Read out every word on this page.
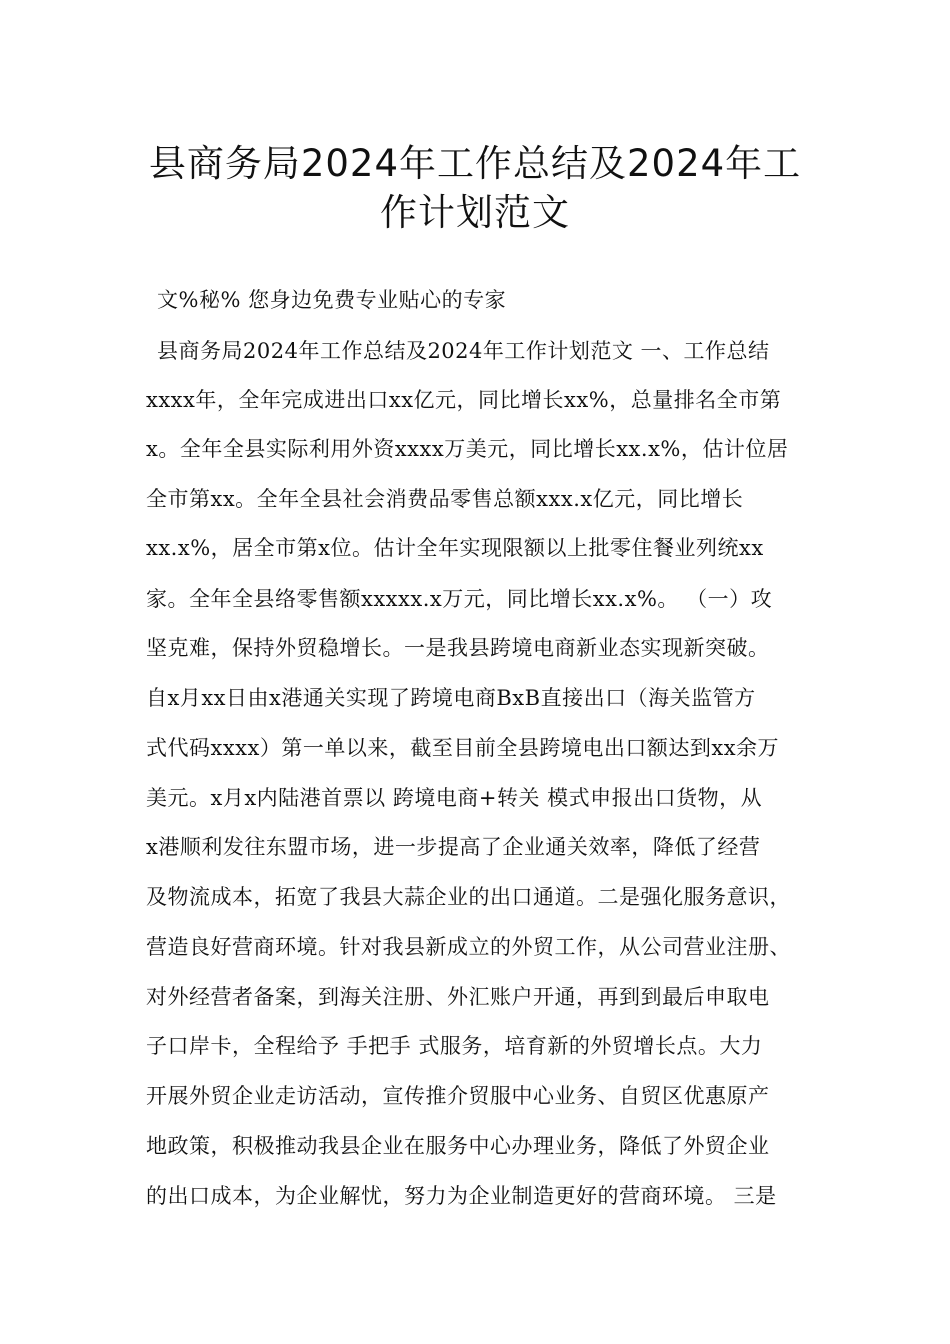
县商务局2024年工作总结及2024年工
作计划范文

文%秘% 您身边免费专业贴心的专家

县商务局2024年工作总结及2024年工作计划范文 一、工作总结

xxxx年，全年完成进出口xx亿元，同比增长xx%，总量排名全市第

x。全年全县实际利用外资xxxx万美元，同比增长xx.x%，估计位居

全市第xx。全年全县社会消费品零售总额xxx.x亿元，同比增长

xx.x%，居全市第x位。估计全年实现限额以上批零住餐业列统xx

家。全年全县络零售额xxxxx.x万元，同比增长xx.x%。 （一）攻

坚克难，保持外贸稳增长。一是我县跨境电商新业态实现新突破。

自x月xx日由x港通关实现了跨境电商BxB直接出口（海关监管方

式代码xxxx）第一单以来，截至目前全县跨境电出口额达到xx余万

美元。x月x内陆港首票以 跨境电商+转关 模式申报出口货物，从

x港顺利发往东盟市场，进一步提高了企业通关效率，降低了经营

及物流成本，拓宽了我县大蒜企业的出口通道。二是强化服务意识，

营造良好营商环境。针对我县新成立的外贸工作，从公司营业注册、

对外经营者备案，到海关注册、外汇账户开通，再到到最后申取电

子口岸卡，全程给予 手把手 式服务，培育新的外贸增长点。大力

开展外贸企业走访活动，宣传推介贸服中心业务、自贸区优惠原产

地政策，积极推动我县企业在服务中心办理业务，降低了外贸企业

的出口成本，为企业解忧，努力为企业制造更好的营商环境。 三是
